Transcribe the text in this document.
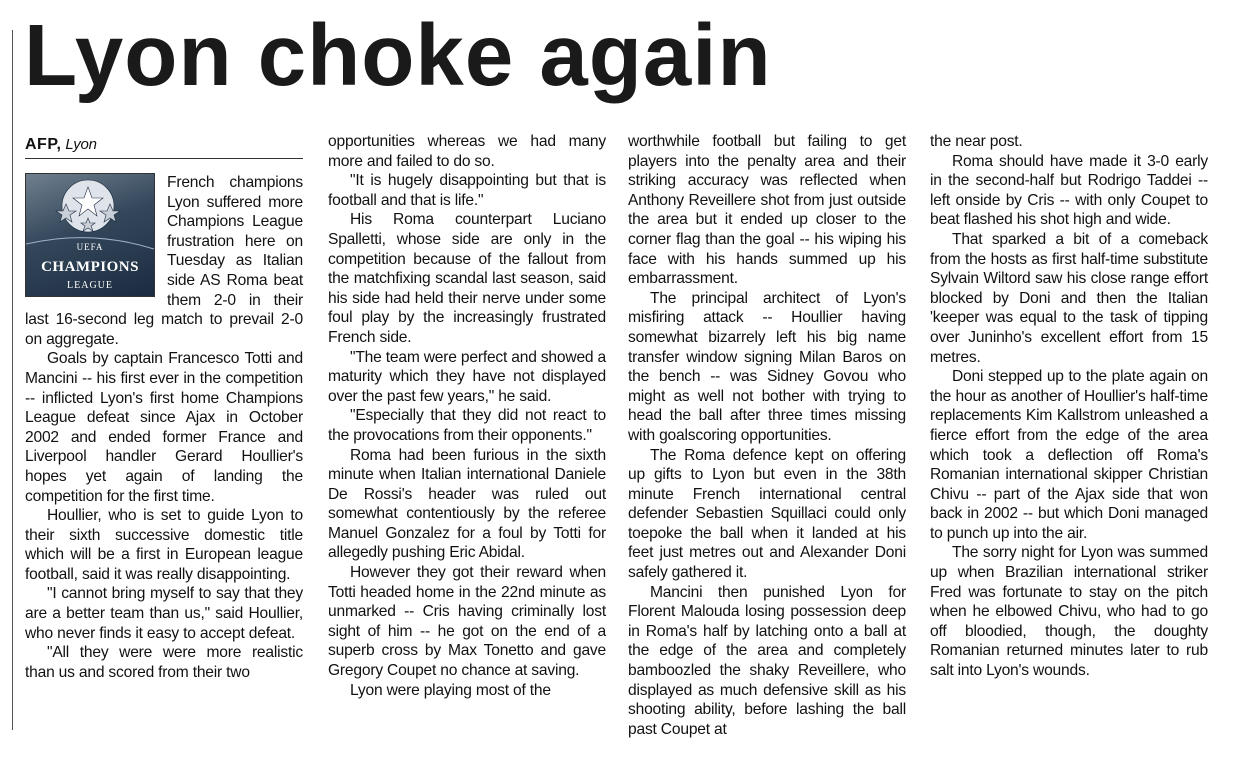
Lyon choke again
AFP, Lyon
UEFA
CHAMPIONS
LEAGUE

French champions Lyon suffered more Champions League frustration here on Tuesday as Italian side AS Roma beat them 2-0 in their last 16-second leg match to prevail 2-0 on aggregate.

Goals by captain Francesco Totti and Mancini -- his first ever in the competition -- inflicted Lyon's first home Champions League defeat since Ajax in October 2002 and ended former France and Liverpool handler Gerard Houllier's hopes yet again of landing the competition for the first time.

Houllier, who is set to guide Lyon to their sixth successive domestic title which will be a first in European league football, said it was really disappointing.

"I cannot bring myself to say that they are a better team than us," said Houllier, who never finds it easy to accept defeat.

"All they were were more realistic than us and scored from their two

opportunities whereas we had many more and failed to do so.

"It is hugely disappointing but that is football and that is life."

His Roma counterpart Luciano Spalletti, whose side are only in the competition because of the fallout from the matchfixing scandal last season, said his side had held their nerve under some foul play by the increasingly frustrated French side.

"The team were perfect and showed a maturity which they have not displayed over the past few years," he said.

"Especially that they did not react to the provocations from their opponents."

Roma had been furious in the sixth minute when Italian international Daniele De Rossi's header was ruled out somewhat contentiously by the referee Manuel Gonzalez for a foul by Totti for allegedly pushing Eric Abidal.

However they got their reward when Totti headed home in the 22nd minute as unmarked -- Cris having criminally lost sight of him -- he got on the end of a superb cross by Max Tonetto and gave Gregory Coupet no chance at saving.

Lyon were playing most of the

worthwhile football but failing to get players into the penalty area and their striking accuracy was reflected when Anthony Reveillere shot from just outside the area but it ended up closer to the corner flag than the goal -- his wiping his face with his hands summed up his embarrassment.

The principal architect of Lyon's misfiring attack -- Houllier having somewhat bizarrely left his big name transfer window signing Milan Baros on the bench -- was Sidney Govou who might as well not bother with trying to head the ball after three times missing with goalscoring opportunities.

The Roma defence kept on offering up gifts to Lyon but even in the 38th minute French international central defender Sebastien Squillaci could only toepoke the ball when it landed at his feet just metres out and Alexander Doni safely gathered it.

Mancini then punished Lyon for Florent Malouda losing possession deep in Roma's half by latching onto a ball at the edge of the area and completely bamboozled the shaky Reveillere, who displayed as much defensive skill as his shooting ability, before lashing the ball past Coupet at

the near post.

Roma should have made it 3-0 early in the second-half but Rodrigo Taddei -- left onside by Cris -- with only Coupet to beat flashed his shot high and wide.

That sparked a bit of a comeback from the hosts as first half-time substitute Sylvain Wiltord saw his close range effort blocked by Doni and then the Italian 'keeper was equal to the task of tipping over Juninho's excellent effort from 15 metres.

Doni stepped up to the plate again on the hour as another of Houllier's half-time replacements Kim Kallstrom unleashed a fierce effort from the edge of the area which took a deflection off Roma's Romanian international skipper Christian Chivu -- part of the Ajax side that won back in 2002 -- but which Doni managed to punch up into the air.

The sorry night for Lyon was summed up when Brazilian international striker Fred was fortunate to stay on the pitch when he elbowed Chivu, who had to go off bloodied, though, the doughty Romanian returned minutes later to rub salt into Lyon's wounds.
